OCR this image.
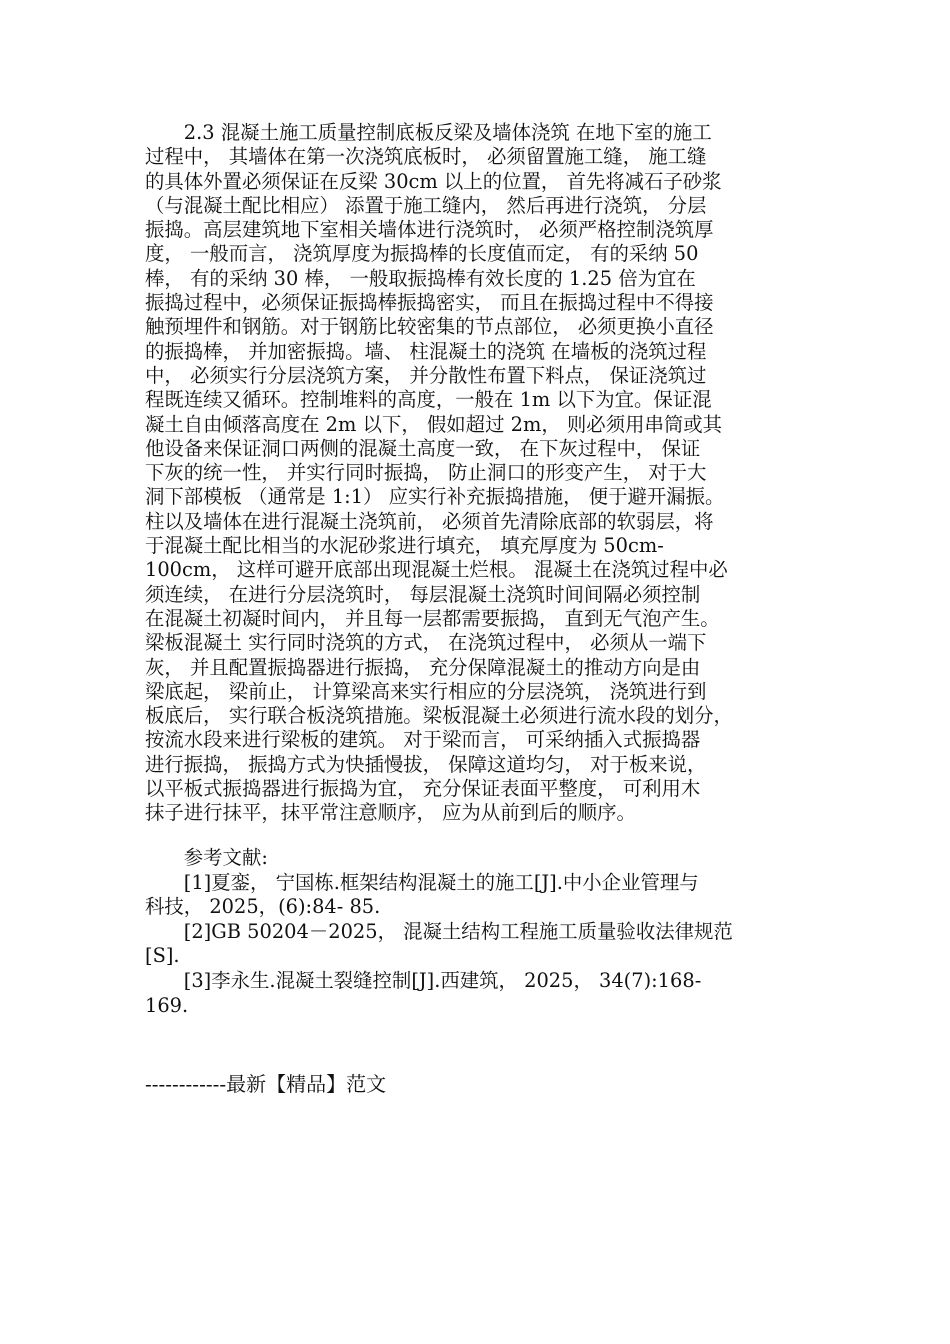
　　2.3 混凝土施工质量控制底板反梁及墙体浇筑 在地下室的施工
过程中， 其墙体在第一次浇筑底板时， 必须留置施工缝， 施工缝
的具体外置必须保证在反梁 30cm 以上的位置， 首先将减石子砂浆
（与混凝土配比相应） 添置于施工缝内， 然后再进行浇筑， 分层
振捣。高层建筑地下室相关墙体进行浇筑时， 必须严格控制浇筑厚
度， 一般而言， 浇筑厚度为振捣棒的长度值而定， 有的采纳 50
棒， 有的采纳 30 棒， 一般取振捣棒有效长度的 1.25 倍为宜在
振捣过程中，必须保证振捣棒振捣密实， 而且在振捣过程中不得接
触预埋件和钢筋。对于钢筋比较密集的节点部位， 必须更换小直径
的振捣棒， 并加密振捣。墙、 柱混凝土的浇筑 在墙板的浇筑过程
中， 必须实行分层浇筑方案， 并分散性布置下料点， 保证浇筑过
程既连续又循环。控制堆料的高度，一般在 1m 以下为宜。保证混
凝土自由倾落高度在 2m 以下， 假如超过 2m， 则必须用串筒或其
他设备来保证洞口两侧的混凝土高度一致， 在下灰过程中， 保证
下灰的统一性， 并实行同时振捣， 防止洞口的形变产生， 对于大
洞下部模板 （通常是 1:1） 应实行补充振捣措施， 便于避开漏振。
柱以及墙体在进行混凝土浇筑前， 必须首先清除底部的软弱层，将
于混凝土配比相当的水泥砂浆进行填充， 填充厚度为 50cm-
100cm， 这样可避开底部出现混凝土烂根。 混凝土在浇筑过程中必
须连续， 在进行分层浇筑时， 每层混凝土浇筑时间间隔必须控制
在混凝土初凝时间内， 并且每一层都需要振捣， 直到无气泡产生。
梁板混凝土 实行同时浇筑的方式， 在浇筑过程中， 必须从一端下
灰， 并且配置振捣器进行振捣， 充分保障混凝土的推动方向是由
梁底起， 梁前止， 计算梁高来实行相应的分层浇筑， 浇筑进行到
板底后， 实行联合板浇筑措施。梁板混凝土必须进行流水段的划分，
按流水段来进行梁板的建筑。 对于梁而言， 可采纳插入式振捣器
进行振捣， 振捣方式为快插慢拔， 保障这道均匀， 对于板来说，
以平板式振捣器进行振捣为宜， 充分保证表面平整度， 可利用木
抹子进行抹平，抹平常注意顺序， 应为从前到后的顺序。
　　参考文献:
　　[1]夏銮， 宁国栋.框架结构混凝土的施工[J].中小企业管理与
科技， 2025，(6):84- 85.
　　[2]GB 50204－2025， 混凝土结构工程施工质量验收法律规范
[S].
　　[3]李永生.混凝土裂缝控制[J].西建筑， 2025， 34(7):168-
169.
------------最新【精品】范文
